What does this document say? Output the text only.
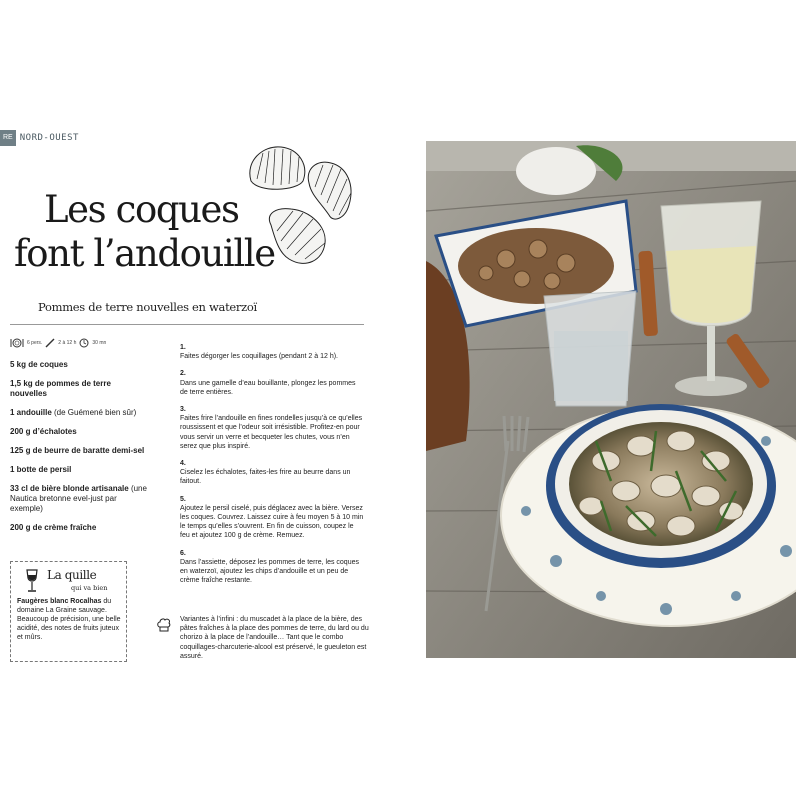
RE NORD-OUEST
Les coques
font l’andouille
Pommes de terre nouvelles en waterzoï
6 pers.	2 à 12 h	30 mn
5 kg de coques
1,5 kg de pommes de terre nouvelles
1 andouille (de Guémené bien sûr)
200 g d’échalotes
125 g de beurre de baratte demi-sel
1 botte de persil
33 cl de bière blonde artisanale (une Nautica bretonne evel-just par exemple)
200 g de crème fraîche
La quille
qui va bien
Faugères blanc Rocalhas du domaine La Graine sauvage. Beaucoup de précision, une belle acidité, des notes de fruits juteux et mûrs.
1.
Faites dégorger les coquillages (pendant 2 à 12 h).
2.
Dans une gamelle d’eau bouillante, plongez les pommes de terre entières.
3.
Faites frire l’andouille en fines rondelles jusqu’à ce qu’elles roussissent et que l’odeur soit irrésistible. Profitez-en pour vous servir un verre et becqueter les chutes, vous n’en serez que plus inspiré.
4.
Ciselez les échalotes, faites-les frire au beurre dans un faitout.
5.
Ajoutez le persil ciselé, puis déglacez avec la bière. Versez les coques. Couvrez. Laissez cuire à feu moyen 5 à 10 min le temps qu’elles s’ouvrent. En fin de cuisson, coupez le feu et ajoutez 100 g de crème. Remuez.
6.
Dans l’assiette, déposez les pommes de terre, les coques en waterzoï, ajoutez les chips d’andouille et un peu de crème fraîche restante.
Variantes à l’infini : du muscadet à la place de la bière, des pâtes fraîches à la place des pommes de terre, du lard ou du chorizo à la place de l’andouille… Tant que le combo coquillages-charcuterie-alcool est préservé, le gueuleton est assuré.
